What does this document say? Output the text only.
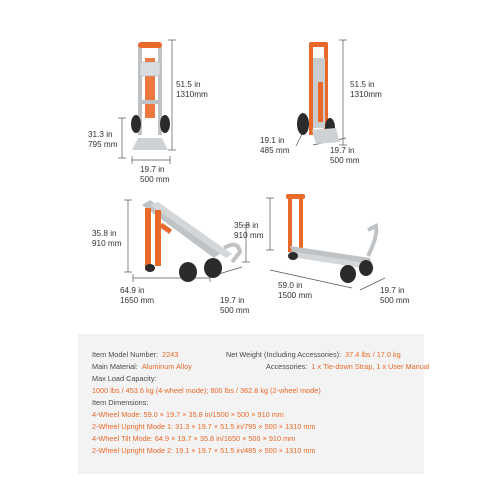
51.5 in
1310mm
31.3 in
795 mm
19.7 in
500 mm
51.5 in
1310mm
19.1 in
485 mm	19.7 in
500 mm
35.8 in
910 mm
64.9 in
1650 mm	19.7 in
500 mm
35.8 in
910 mm
59.0 in
1500 mm
19.7 in
500 mm
Item Model Number: 2243	Net Weight (Including Accessories): 37.4 lbs / 17.0 kg
Main Material: Aluminum Alloy	Accessories: 1 x Tie-down Strap, 1 x User Manual
Max Load Capacity:
1000 lbs / 453.6 kg (4-wheel mode); 800 lbs / 362.8 kg (2-wheel mode)
Item Dimensions:
4-Wheel Mode: 59.0 × 19.7 × 35.8 in/1500 × 500 × 910 mm
2-Wheel Upright Mode 1: 31.3 × 19.7 × 51.5 in/795 × 500 × 1310 mm
4-Wheel Tilt Mode: 64.9 × 19.7 × 35.8 in/1650 × 500 × 910 mm
2-Wheel Upright Mode 2: 19.1 × 19.7 × 51.5 in/485 × 500 × 1310 mm
